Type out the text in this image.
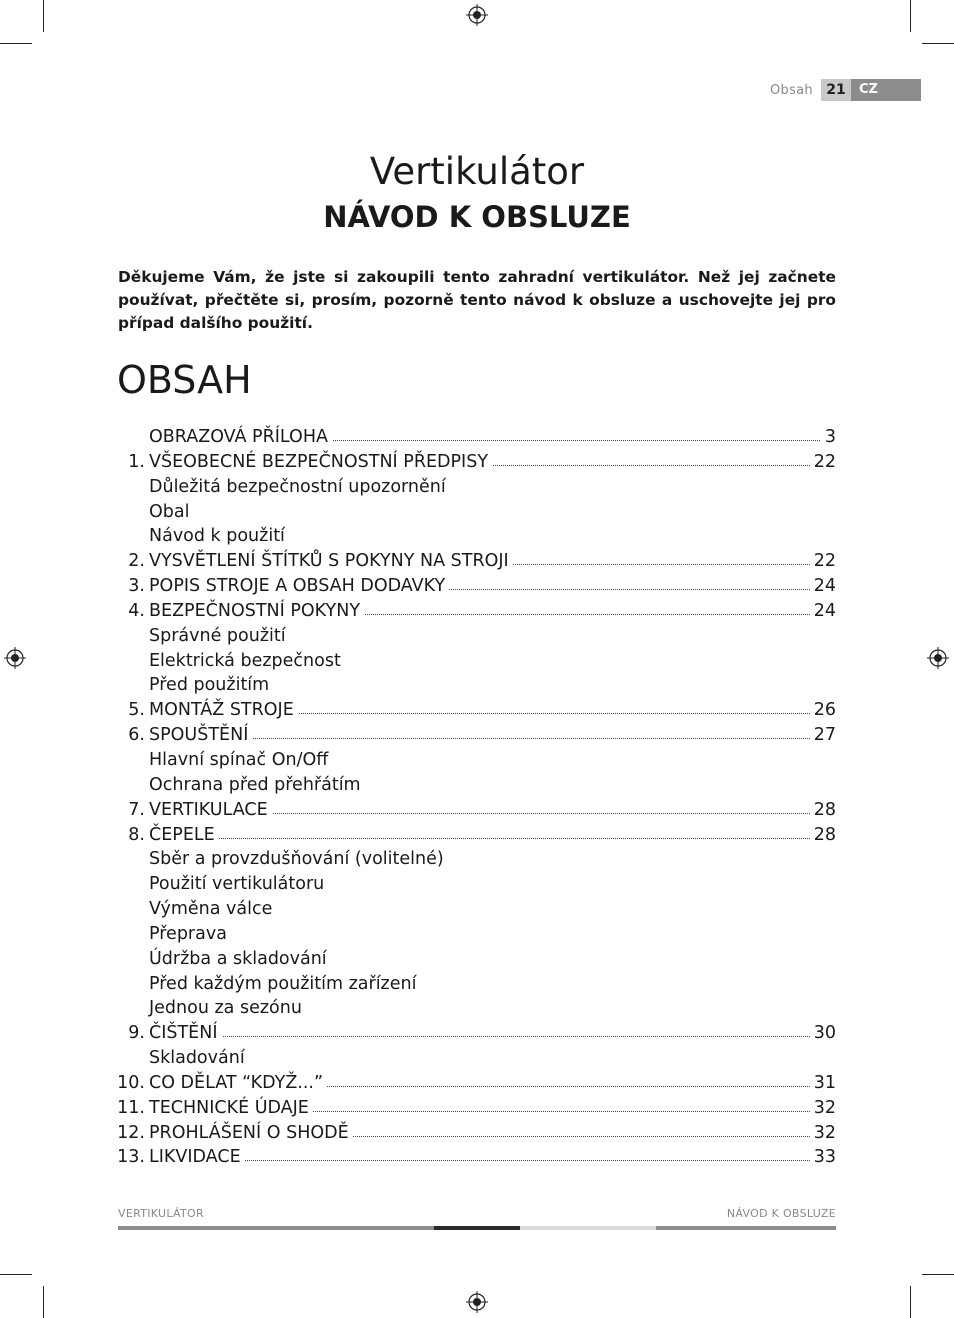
Obsah 21	CZ
Vertikulátor
NÁVOD K OBSLUZE

Děkujeme Vám, že jste si zakoupili tento zahradní vertikulátor. Než jej začnete používat, přečtěte si, prosím, pozorně tento návod k obsluze a uschovejte jej pro případ dalšího použití.

OBSAH
OBRAZOVÁ PŘÍLOHA	3
1. VŠEOBECNÉ BEZPEČNOSTNÍ PŘEDPISY	22
Důležitá bezpečnostní upozornění
Obal
Návod k použití
2. VYSVĚTLENÍ ŠTÍTKŮ S POKYNY NA STROJI	22
3. POPIS STROJE A OBSAH DODAVKY	24
4. BEZPEČNOSTNÍ POKYNY	24
Správné použití
Elektrická bezpečnost
Před použitím
5. MONTÁŽ STROJE	26
6. SPOUŠTĚNÍ	27
Hlavní spínač On/Off
Ochrana před přehřátím
7. VERTIKULACE	28
8. ČEPELE	28
Sběr a provzdušňování (volitelné)
Použití vertikulátoru
Výměna válce
Přeprava
Údržba a skladování
Před každým použitím zařízení
Jednou za sezónu
9. ČIŠTĚNÍ	30
Skladování
10. CO DĚLAT “KDYŽ...”	31
11. TECHNICKÉ ÚDAJE	32
12. PROHLÁŠENÍ O SHODĚ	32
13. LIKVIDACE	33
VERTIKULÁTOR	NÁVOD K OBSLUZE
